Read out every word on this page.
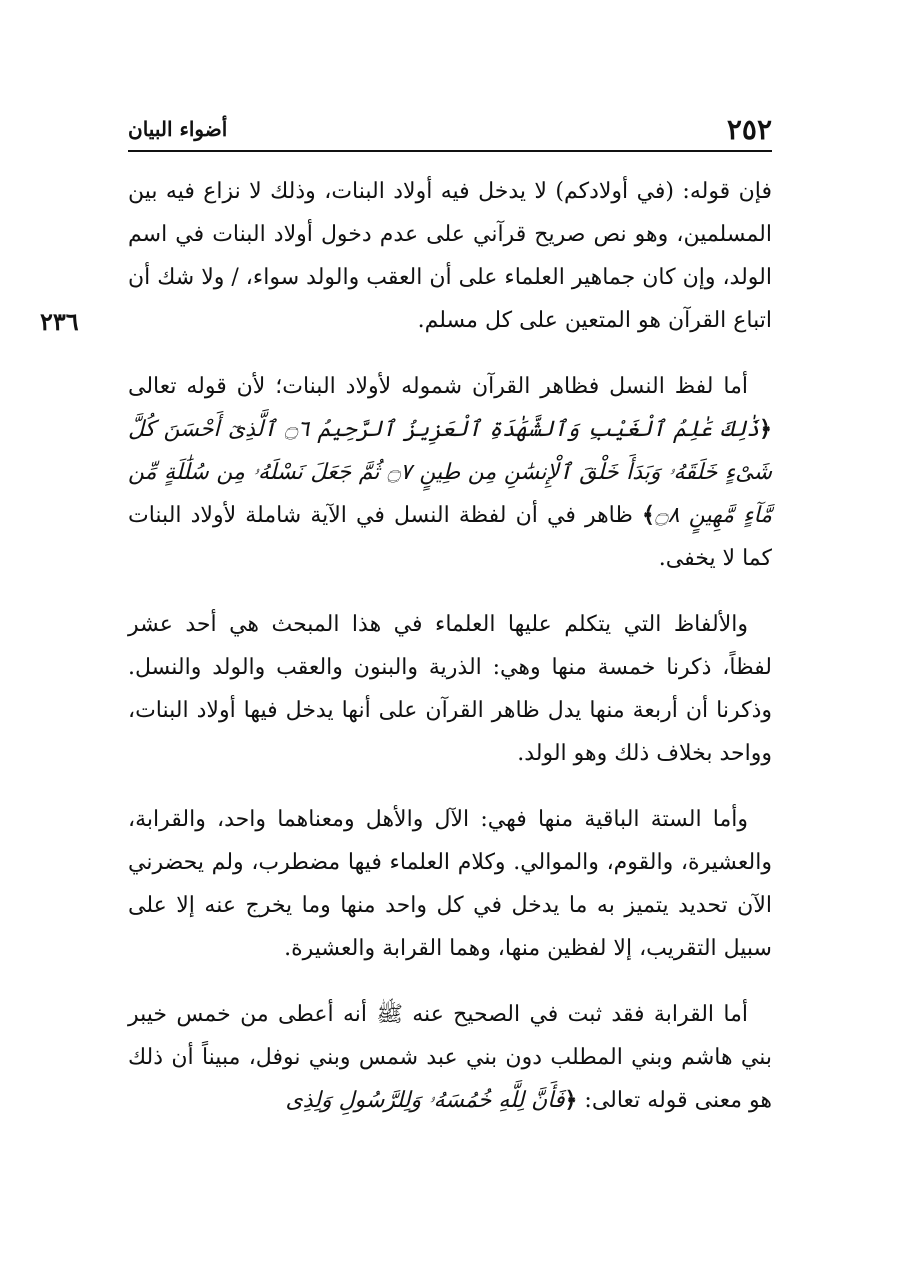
٢٥٢
أضواء البيان
٢٣٦

فإن قوله: (في أولادكم) لا يدخل فيه أولاد البنات، وذلك لا نزاع فيه بين المسلمين، وهو نص صريح قرآني على عدم دخول أولاد البنات في اسم الولد، وإن كان جماهير العلماء على أن العقب والولد سواء، / ولا شك أن اتباع القرآن هو المتعين على كل مسلم.

أما لفظ النسل فظاهر القرآن شموله لأولاد البنات؛ لأن قوله تعالى ﴿ذَٰلِكَ عَٰلِمُ ٱلْغَيْبِ وَٱلشَّهَٰدَةِ ٱلْعَزِيزُ ٱلرَّحِيمُ ۝٦ ٱلَّذِىٓ أَحْسَنَ كُلَّ شَىْءٍ خَلَقَهُۥ وَبَدَأَ خَلْقَ ٱلْإِنسَٰنِ مِن طِينٍ ۝٧ ثُمَّ جَعَلَ نَسْلَهُۥ مِن سُلَٰلَةٍ مِّن مَّآءٍ مَّهِينٍ ۝٨﴾ ظاهر في أن لفظة النسل في الآية شاملة لأولاد البنات كما لا يخفى.

والألفاظ التي يتكلم عليها العلماء في هذا المبحث هي أحد عشر لفظاً، ذكرنا خمسة منها وهي: الذرية والبنون والعقب والولد والنسل. وذكرنا أن أربعة منها يدل ظاهر القرآن على أنها يدخل فيها أولاد البنات، وواحد بخلاف ذلك وهو الولد.

وأما الستة الباقية منها فهي: الآل والأهل ومعناهما واحد، والقرابة، والعشيرة، والقوم، والموالي. وكلام العلماء فيها مضطرب، ولم يحضرني الآن تحديد يتميز به ما يدخل في كل واحد منها وما يخرج عنه إلا على سبيل التقريب، إلا لفظين منها، وهما القرابة والعشيرة.

أما القرابة فقد ثبت في الصحيح عنه ﷺ أنه أعطى من خمس خيبر بني هاشم وبني المطلب دون بني عبد شمس وبني نوفل، مبيناً أن ذلك هو معنى قوله تعالى: ﴿فَأَنَّ لِلَّهِ خُمُسَهُۥ وَلِلرَّسُولِ وَلِذِى
